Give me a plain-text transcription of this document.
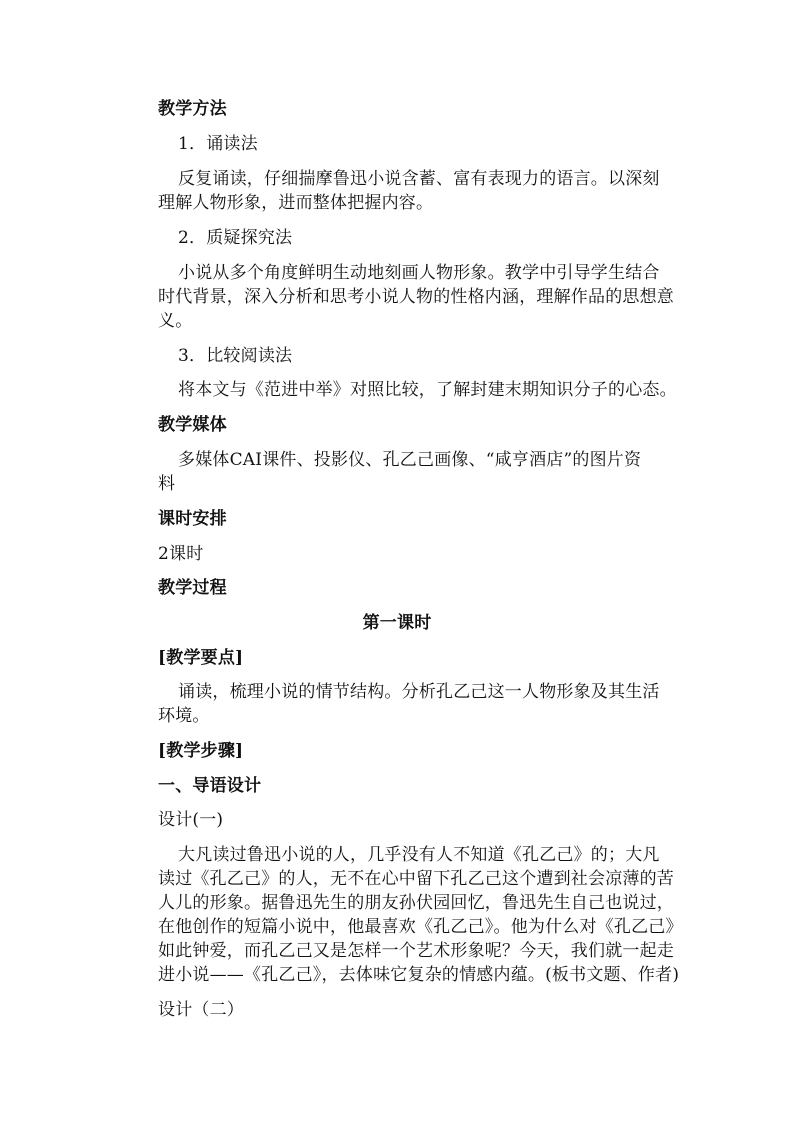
教学方法
1．诵读法
反复诵读，仔细揣摩鲁迅小说含蓄、富有表现力的语言。以深刻
理解人物形象，进而整体把握内容。
2．质疑探究法
小说从多个角度鲜明生动地刻画人物形象。教学中引导学生结合
时代背景，深入分析和思考小说人物的性格内涵，理解作品的思想意
义。
3．比较阅读法
将本文与《范进中举》对照比较，了解封建末期知识分子的心态。
教学媒体
多媒体CAI课件、投影仪、孔乙己画像、“咸亨酒店”的图片资
料
课时安排
2课时
教学过程
第一课时
[教学要点]
诵读，梳理小说的情节结构。分析孔乙己这一人物形象及其生活
环境。
[教学步骤]
一、导语设计
设计(一)
大凡读过鲁迅小说的人，几乎没有人不知道《孔乙己》的；大凡
读过《孔乙己》的人，无不在心中留下孔乙己这个遭到社会凉薄的苦
人儿的形象。据鲁迅先生的朋友孙伏园回忆，鲁迅先生自己也说过，
在他创作的短篇小说中，他最喜欢《孔乙己》。他为什么对《孔乙己》
如此钟爱，而孔乙己又是怎样一个艺术形象呢？今天，我们就一起走
进小说——《孔乙己》，去体味它复杂的情感内蕴。(板书文题、作者)
设计（二）
